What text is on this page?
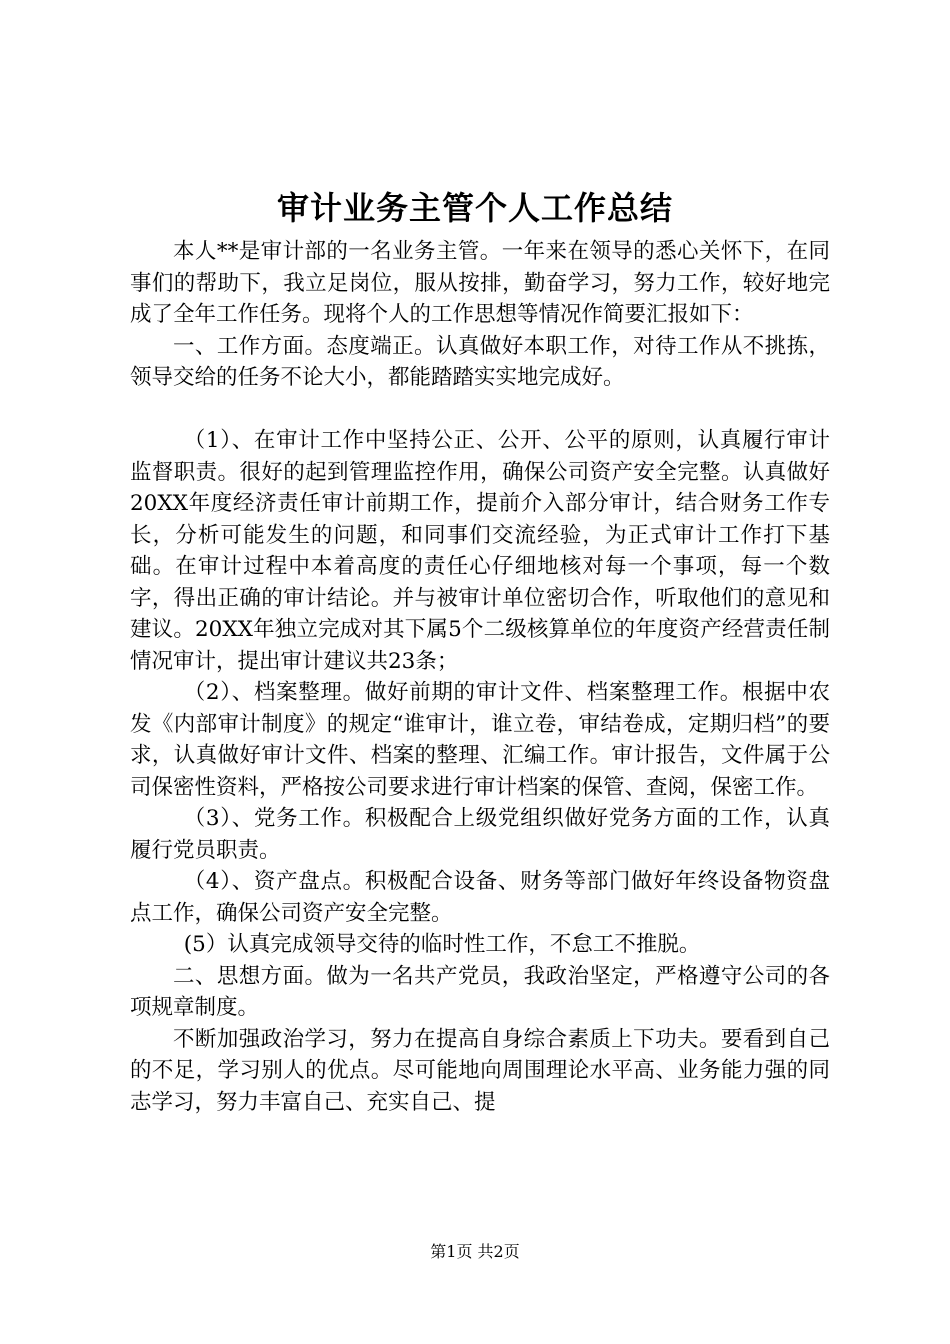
审计业务主管个人工作总结

本人**是审计部的一名业务主管。一年来在领导的悉心关怀下，在同事们的帮助下，我立足岗位，服从按排，勤奋学习，努力工作，较好地完成了全年工作任务。现将个人的工作思想等情况作简要汇报如下：

一、工作方面。态度端正。认真做好本职工作，对待工作从不挑拣，领导交给的任务不论大小，都能踏踏实实地完成好。

（1）、在审计工作中坚持公正、公开、公平的原则，认真履行审计监督职责。很好的起到管理监控作用，确保公司资产安全完整。认真做好20XX年度经济责任审计前期工作，提前介入部分审计，结合财务工作专长，分析可能发生的问题，和同事们交流经验，为正式审计工作打下基础。在审计过程中本着高度的责任心仔细地核对每一个事项，每一个数字，得出正确的审计结论。并与被审计单位密切合作，听取他们的意见和建议。20XX年独立完成对其下属5个二级核算单位的年度资产经营责任制情况审计，提出审计建议共23条；

（2）、档案整理。做好前期的审计文件、档案整理工作。根据中农发《内部审计制度》的规定“谁审计，谁立卷，审结卷成，定期归档”的要求，认真做好审计文件、档案的整理、汇编工作。审计报告，文件属于公司保密性资料，严格按公司要求进行审计档案的保管、查阅，保密工作。

（3）、党务工作。积极配合上级党组织做好党务方面的工作，认真履行党员职责。

（4）、资产盘点。积极配合设备、财务等部门做好年终设备物资盘点工作，确保公司资产安全完整。

(5）认真完成领导交待的临时性工作，不怠工不推脱。

二、思想方面。做为一名共产党员，我政治坚定，严格遵守公司的各项规章制度。

不断加强政治学习，努力在提高自身综合素质上下功夫。要看到自己的不足，学习别人的优点。尽可能地向周围理论水平高、业务能力强的同志学习，努力丰富自己、充实自己、提

第1页 共2页
